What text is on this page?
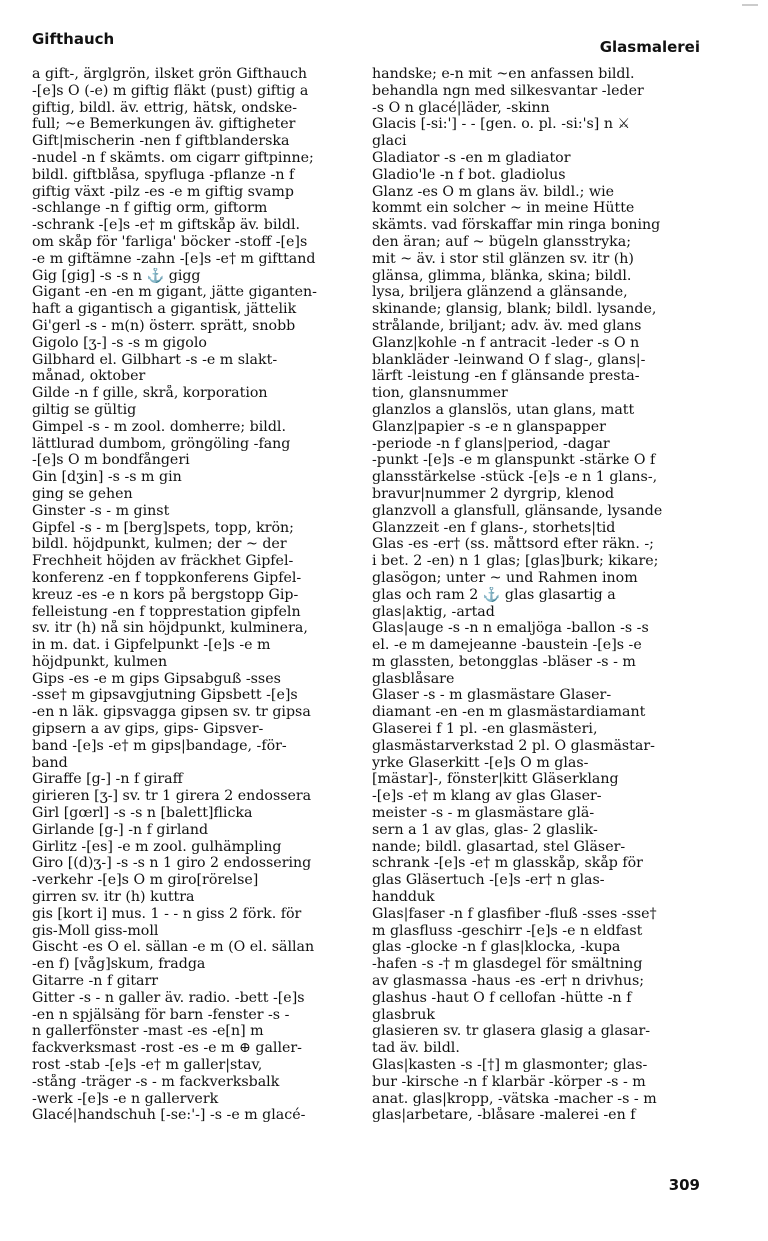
Gifthauch	Glasmalerei
a gift-, ärglgrön, ilsket grön Gifthauch
-[e]s O (-e) m giftig fläkt (pust) giftig a
giftig, bildl. äv. ettrig, hätsk, ondske-
full; ~e Bemerkungen äv. giftigheter
Gift|mischerin -nen f giftblanderska
-nudel -n f skämts. om cigarr giftpinne;
bildl. giftblåsa, spyfluga -pflanze -n f
giftig växt -pilz -es -e m giftig svamp
-schlange -n f giftig orm, giftorm
-schrank -[e]s -e† m giftskåp äv. bildl.
om skåp för 'farliga' böcker -stoff -[e]s
-e m giftämne -zahn -[e]s -e† m gifttand
Gig [gig] -s -s n ⚓ gigg
Gigant -en -en m gigant, jätte giganten-
haft a gigantisch a gigantisk, jättelik
Gi'gerl -s - m(n) österr. sprätt, snobb
Gigolo [ʒ-] -s -s m gigolo
Gilbhard el. Gilbhart -s -e m slakt-
månad, oktober
Gilde -n f gille, skrå, korporation
giltig se gültig
Gimpel -s - m zool. domherre; bildl.
lättlurad dumbom, gröngöling -fang
-[e]s O m bondfångeri
Gin [dʒin] -s -s m gin
ging se gehen
Ginster -s - m ginst
Gipfel -s - m [berg]spets, topp, krön;
bildl. höjdpunkt, kulmen; der ~ der
Frechheit höjden av fräckhet Gipfel-
konferenz -en f toppkonferens Gipfel-
kreuz -es -e n kors på bergstopp Gip-
felleistung -en f topprestation gipfeln
sv. itr (h) nå sin höjdpunkt, kulminera,
in m. dat. i Gipfelpunkt -[e]s -e m
höjdpunkt, kulmen
Gips -es -e m gips Gipsabguß -sses
-sse† m gipsavgjutning Gipsbett -[e]s
-en n läk. gipsvagga gipsen sv. tr gipsa
gipsern a av gips, gips- Gipsver-
band -[e]s -e† m gips|bandage, -för-
band
Giraffe [g-] -n f giraff
girieren [ʒ-] sv. tr 1 girera 2 endossera
Girl [gœrl] -s -s n [balett]flicka
Girlande [g-] -n f girland
Girlitz -[es] -e m zool. gulhämpling
Giro [(d)ʒ-] -s -s n 1 giro 2 endossering
-verkehr -[e]s O m giro[rörelse]
girren sv. itr (h) kuttra
gis [kort i] mus. 1 - - n giss 2 förk. för
gis-Moll giss-moll
Gischt -es O el. sällan -e m (O el. sällan
-en f) [våg]skum, fradga
Gitarre -n f gitarr
Gitter -s - n galler äv. radio. -bett -[e]s
-en n spjälsäng för barn -fenster -s -
n gallerfönster -mast -es -e[n] m
fackverksmast -rost -es -e m ⊕ galler-
rost -stab -[e]s -e† m galler|stav,
-stång -träger -s - m fackverksbalk
-werk -[e]s -e n gallerverk
Glacé|handschuh [-se:'-] -s -e m glacé-
handske; e-n mit ~en anfassen bildl.
behandla ngn med silkesvantar -leder
-s O n glacé|läder, -skinn
Glacis [-si:'] - - [gen. o. pl. -si:'s] n ⚔
glaci
Gladiator -s -en m gladiator
Gladio'le -n f bot. gladiolus
Glanz -es O m glans äv. bildl.; wie
kommt ein solcher ~ in meine Hütte
skämts. vad förskaffar min ringa boning
den äran; auf ~ bügeln glansstryka;
mit ~ äv. i stor stil glänzen sv. itr (h)
glänsa, glimma, blänka, skina; bildl.
lysa, briljera glänzend a glänsande,
skinande; glansig, blank; bildl. lysande,
strålande, briljant; adv. äv. med glans
Glanz|kohle -n f antracit -leder -s O n
blankläder -leinwand O f slag-, glans|-
lärft -leistung -en f glänsande presta-
tion, glansnummer
glanzlos a glanslös, utan glans, matt
Glanz|papier -s -e n glanspapper
-periode -n f glans|period, -dagar
-punkt -[e]s -e m glanspunkt -stärke O f
glansstärkelse -stück -[e]s -e n 1 glans-,
bravur|nummer 2 dyrgrip, klenod
glanzvoll a glansfull, glänsande, lysande
Glanzzeit -en f glans-, storhets|tid
Glas -es -er† (ss. måttsord efter räkn. -;
i bet. 2 -en) n 1 glas; [glas]burk; kikare;
glasögon; unter ~ und Rahmen inom
glas och ram 2 ⚓ glas glasartig a
glas|aktig, -artad
Glas|auge -s -n n emaljöga -ballon -s -s
el. -e m damejeanne -baustein -[e]s -e
m glassten, betongglas -bläser -s - m
glasblåsare
Glaser -s - m glasmästare Glaser-
diamant -en -en m glasmästardiamant
Glaserei f 1 pl. -en glasmästeri,
glasmästarverkstad 2 pl. O glasmästar-
yrke Glaserkitt -[e]s O m glas-
[mästar]-, fönster|kitt Gläserklang
-[e]s -e† m klang av glas Glaser-
meister -s - m glasmästare glä-
sern a 1 av glas, glas- 2 glaslik-
nande; bildl. glasartad, stel Gläser-
schrank -[e]s -e† m glasskåp, skåp för
glas Gläsertuch -[e]s -er† n glas-
handduk
Glas|faser -n f glasfiber -fluß -sses -sse†
m glasfluss -geschirr -[e]s -e n eldfast
glas -glocke -n f glas|klocka, -kupa
-hafen -s -† m glasdegel för smältning
av glasmassa -haus -es -er† n drivhus;
glashus -haut O f cellofan -hütte -n f
glasbruk
glasieren sv. tr glasera glasig a glasar-
tad äv. bildl.
Glas|kasten -s -[†] m glasmonter; glas-
bur -kirsche -n f klarbär -körper -s - m
anat. glas|kropp, -vätska -macher -s - m
glas|arbetare, -blåsare -malerei -en f
309
